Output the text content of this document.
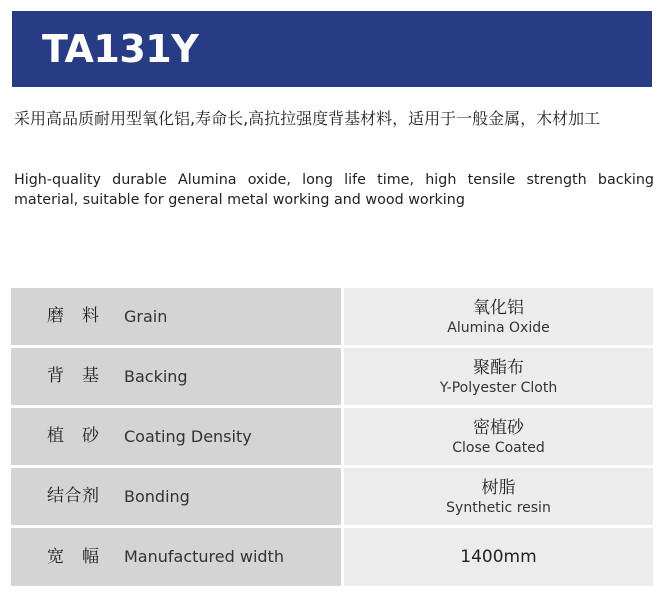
TA131Y
采用高品质耐用型氧化铝,寿命长,高抗拉强度背基材料，适用于一般金属，木材加工
High-quality durable Alumina oxide, long life time, high tensile strength backing material, suitable for general metal working and wood working
磨　料 Grain	氧化铝
Alumina Oxide
背　基 Backing	聚酯布
Y-Polyester Cloth
植　砂 Coating Density	密植砂
Close Coated
结合剂 Bonding	树脂
Synthetic resin
宽　幅 Manufactured width	1400mm
